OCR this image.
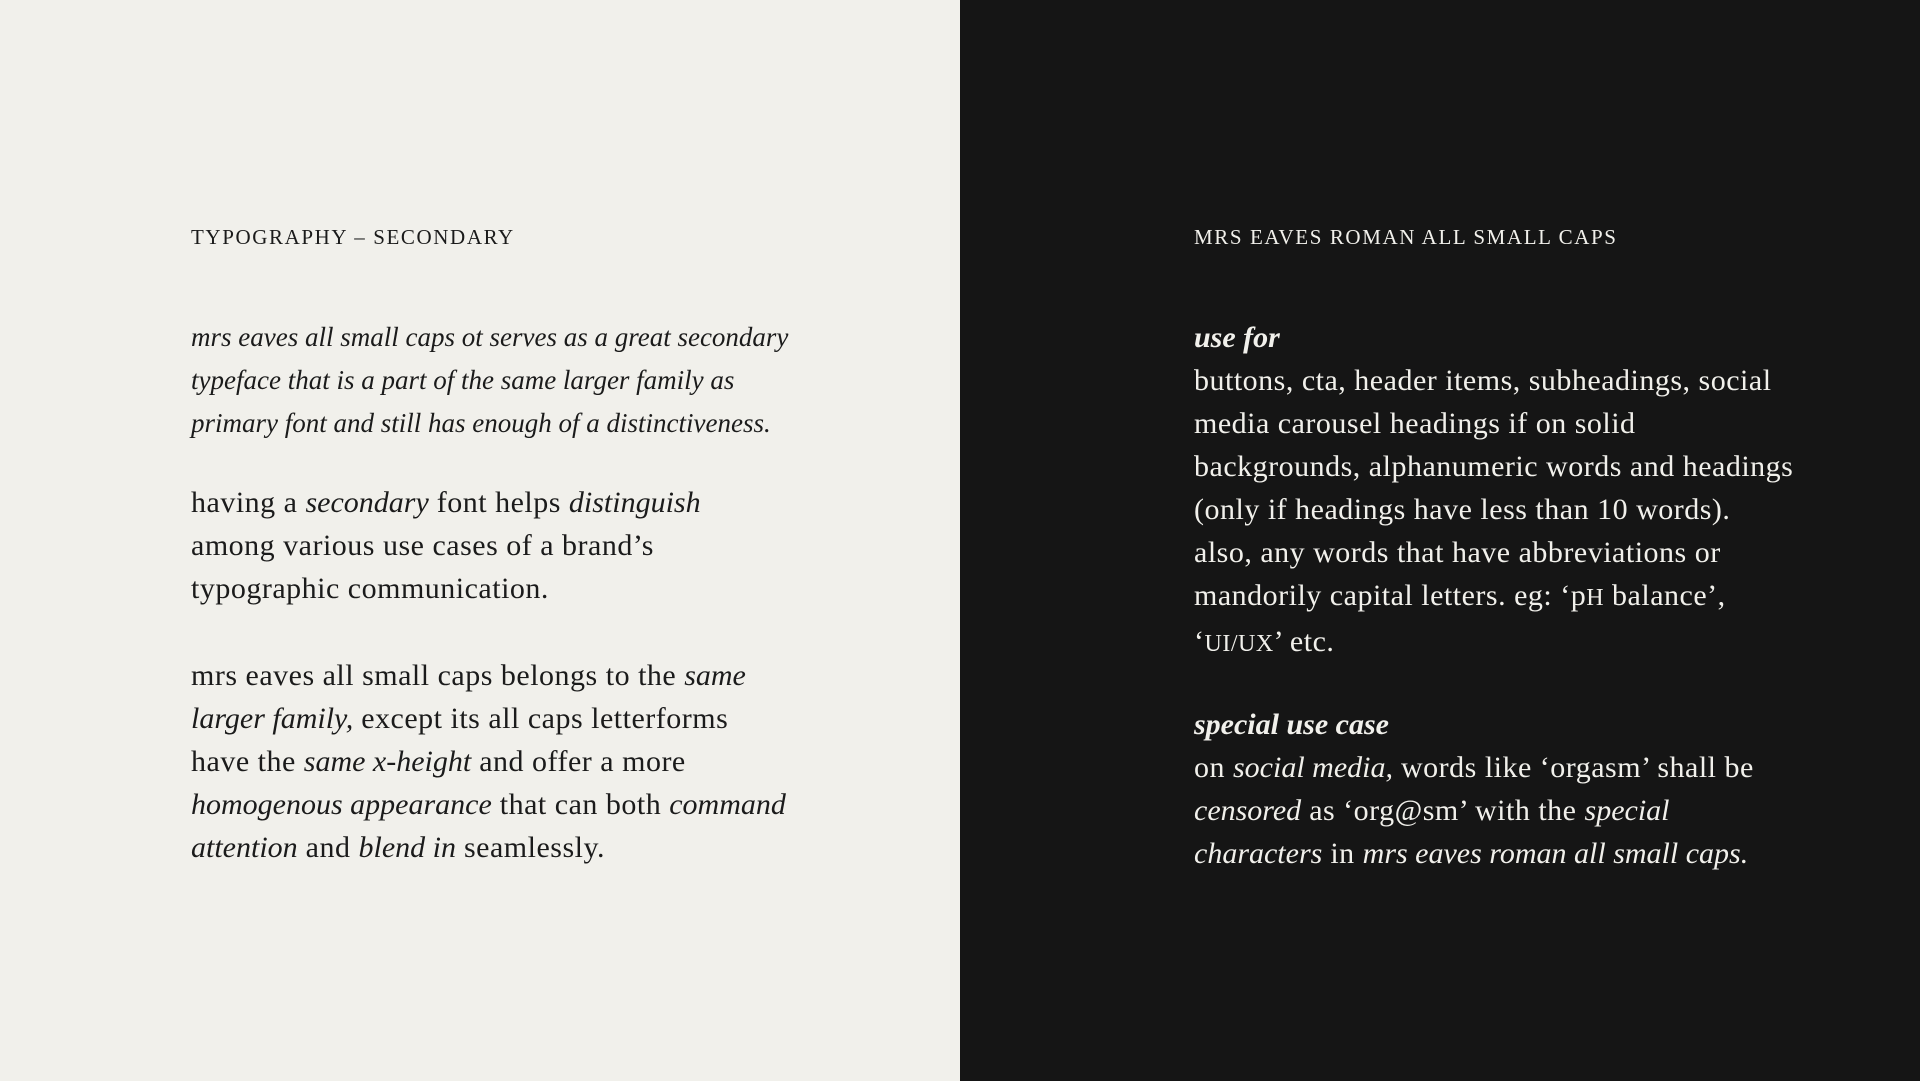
TYPOGRAPHY – SECONDARY

mrs eaves all small caps ot serves as a great secondary typeface that is a part of the same larger family as primary font and still has enough of a distinctiveness.

having a secondary font helps distinguish among various use cases of a brand’s typographic communication.

mrs eaves all small caps belongs to the same larger family, except its all caps letterforms have the same x-height and offer a more homogenous appearance that can both command attention and blend in seamlessly.

MRS EAVES ROMAN ALL SMALL CAPS

use for
buttons, cta, header items, subheadings, social media carousel headings if on solid backgrounds, alphanumeric words and headings (only if headings have less than 10 words). also, any words that have abbreviations or mandorily capital letters. eg: ‘pH balance’, ‘UI/UX’ etc.

special use case
on social media, words like ‘orgasm’ shall be censored as ‘org@sm’ with the special characters in mrs eaves roman all small caps.
